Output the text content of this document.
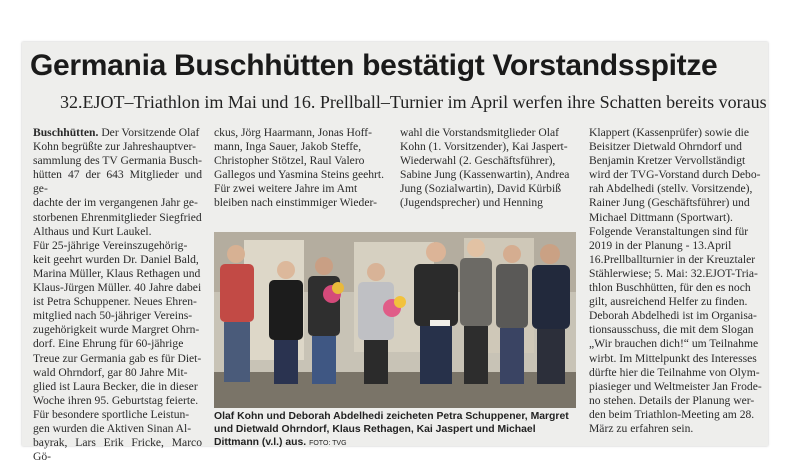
Germania Buschhütten bestätigt Vorstandsspitze
32.EJOT–Triathlon im Mai und 16. Prellball–Turnier im April werfen ihre Schatten bereits voraus
Buschhütten. Der Vorsitzende Olaf
Kohn begrüßte zur Jahreshauptver-
sammlung des TV Germania Busch-
hütten 47 der 643 Mitglieder und ge-
dachte der im vergangenen Jahr ge-
storbenen Ehrenmitglieder Siegfried
Althaus und Kurt Laukel.
Für 25-jährige Vereinszugehörig-
keit geehrt wurden Dr. Daniel Bald,
Marina Müller, Klaus Rethagen und
Klaus-Jürgen Müller. 40 Jahre dabei
ist Petra Schuppener. Neues Ehren-
mitglied nach 50-jähriger Vereins-
zugehörigkeit wurde Margret Ohrn-
dorf. Eine Ehrung für 60-jährige
Treue zur Germania gab es für Diet-
wald Ohrndorf, gar 80 Jahre Mit-
glied ist Laura Becker, die in dieser
Woche ihren 95. Geburtstag feierte.
Für besondere sportliche Leistun-
gen wurden die Aktiven Sinan Al-
bayrak, Lars Erik Fricke, Marco Gö-
ckus, Jörg Haarmann, Jonas Hoff-
mann, Inga Sauer, Jakob Steffe,
Christopher Stötzel, Raul Valero
Gallegos und Yasmina Steins geehrt.
Für zwei weitere Jahre im Amt
bleiben nach einstimmiger Wieder-
wahl die Vorstandsmitglieder Olaf
Kohn (1. Vorsitzender), Kai Jaspert-
Wiederwahl (2. Geschäftsführer),
Sabine Jung (Kassenwartin), Andrea
Jung (Sozialwartin), David Kürbiß
(Jugendsprecher) und Henning
Klappert (Kassenprüfer) sowie die
Beisitzer Dietwald Ohrndorf und
Benjamin Kretzer Vervollständigt
wird der TVG-Vorstand durch Debo-
rah Abdelhedi (stellv. Vorsitzende),
Rainer Jung (Geschäftsführer) und
Michael Dittmann (Sportwart).
Folgende Veranstaltungen sind für
2019 in der Planung - 13.April
16.Prellballturnier in der Kreuztaler
Stählerwiese; 5. Mai: 32.EJOT-Tria-
thlon Buschhütten, für den es noch
gilt, ausreichend Helfer zu finden.
Deborah Abdelhedi ist im Organisa-
tionsausschuss, die mit dem Slogan
„Wir brauchen dich!“ um Teilnahme
wirbt. Im Mittelpunkt des Interesses
dürfte hier die Teilnahme von Olym-
piasieger und Weltmeister Jan Frode-
no stehen. Details der Planung wer-
den beim Triathlon-Meeting am 28.
März zu erfahren sein.
Olaf Kohn und Deborah Abdelhedi zeicheten Petra Schuppener, Margret und Dietwald Ohrndorf, Klaus Rethagen, Kai Jaspert und Michael Dittmann (v.l.) aus. FOTO: TVG
